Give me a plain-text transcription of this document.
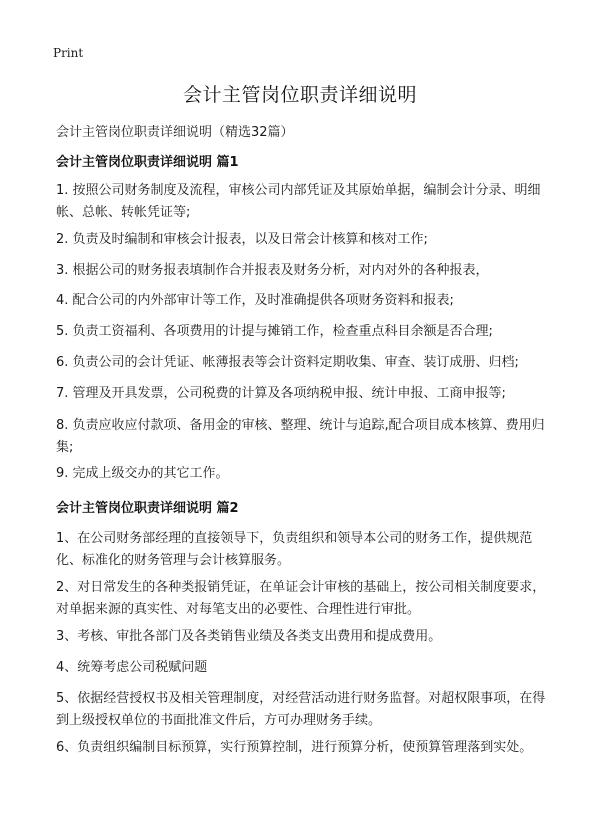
Print
会计主管岗位职责详细说明
会计主管岗位职责详细说明（精选32篇）
会计主管岗位职责详细说明 篇1
1. 按照公司财务制度及流程，审核公司内部凭证及其原始单据，编制会计分录、明细帐、总帐、转帐凭证等;
2. 负责及时编制和审核会计报表，以及日常会计核算和核对工作;
3. 根据公司的财务报表填制作合并报表及财务分析，对内对外的各种报表，
4. 配合公司的内外部审计等工作，及时准确提供各项财务资料和报表;
5. 负责工资福利、各项费用的计提与摊销工作，检查重点科目余额是否合理;
6. 负责公司的会计凭证、帐薄报表等会计资料定期收集、审查、装订成册、归档;
7. 管理及开具发票，公司税费的计算及各项纳税申报、统计申报、工商申报等;
8. 负责应收应付款项、备用金的审核、整理、统计与追踪,配合项目成本核算、费用归集;
9. 完成上级交办的其它工作。
会计主管岗位职责详细说明 篇2
1、在公司财务部经理的直接领导下，负责组织和领导本公司的财务工作，提供规范化、标准化的财务管理与会计核算服务。
2、对日常发生的各种类报销凭证，在单证会计审核的基础上，按公司相关制度要求，对单据来源的真实性、对每笔支出的必要性、合理性进行审批。
3、考核、审批各部门及各类销售业绩及各类支出费用和提成费用。
4、统筹考虑公司税赋问题
5、依据经营授权书及相关管理制度，对经营活动进行财务监督。对超权限事项，在得到上级授权单位的书面批准文件后，方可办理财务手续。
6、负责组织编制目标预算，实行预算控制，进行预算分析，使预算管理落到实处。
